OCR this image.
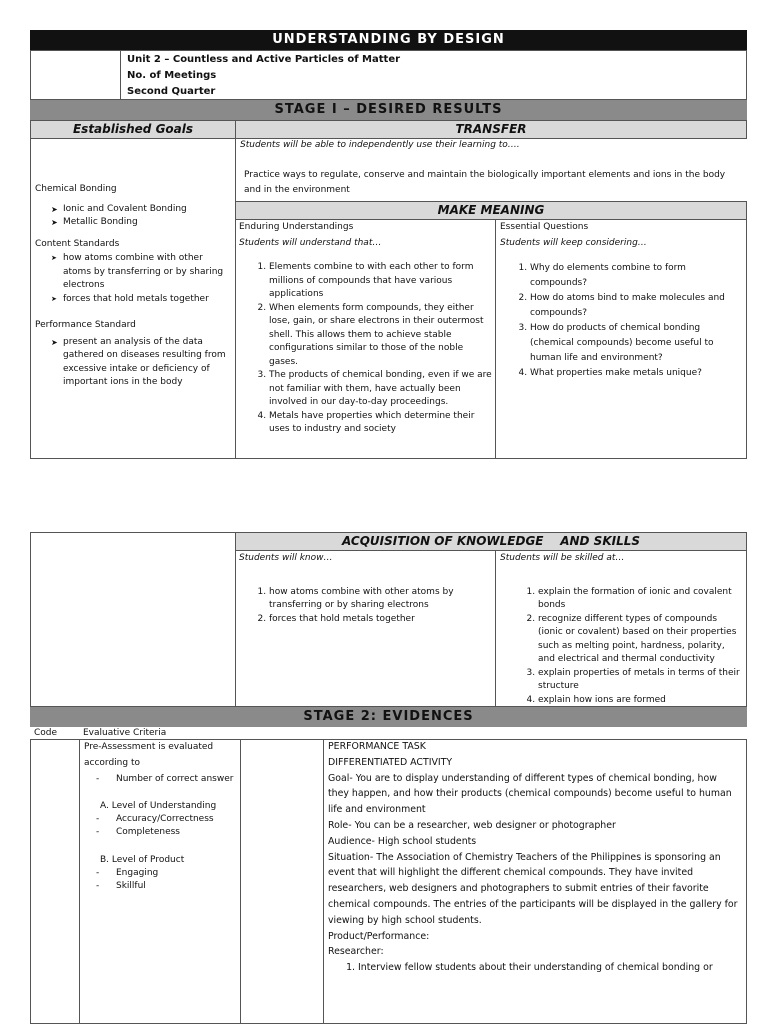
UNDERSTANDING BY DESIGN
Unit 2 – Countless and Active Particles of Matter
No. of Meetings
Second Quarter
STAGE I – DESIRED RESULTS
Established Goals	TRANSFER
Chemical Bonding
➤ Ionic and Covalent Bonding
➤ Metallic Bonding
Content Standards
➤ how atoms combine with other atoms by transferring or by sharing electrons
➤ forces that hold metals together
Performance Standard
➤ present an analysis of the data gathered on diseases resulting from excessive intake or deficiency of important ions in the body
Students will be able to independently use their learning to….
Practice ways to regulate, conserve and maintain the biologically important elements and ions in the body and in the environment
MAKE MEANING
Enduring Understandings
Students will understand that…
1. Elements combine to with each other to form millions of compounds that have various applications
2. When elements form compounds, they either lose, gain, or share electrons in their outermost shell. This allows them to achieve stable configurations similar to those of the noble gases.
3. The products of chemical bonding, even if we are not familiar with them, have actually been involved in our day-to-day proceedings.
4. Metals have properties which determine their uses to industry and society
Essential Questions
Students will keep considering…
1. Why do elements combine to form compounds?
2. How do atoms bind to make molecules and compounds?
3. How do products of chemical bonding (chemical compounds) become useful to human life and environment?
4. What properties make metals unique?
ACQUISITION OF KNOWLEDGE    AND SKILLS
Students will know…
1. how atoms combine with other atoms by transferring or by sharing electrons
2. forces that hold metals together
Students will be skilled at…
1. explain the formation of ionic and covalent bonds
2. recognize different types of compounds (ionic or covalent) based on their properties such as melting point, hardness, polarity, and electrical and thermal conductivity
3. explain properties of metals in terms of their structure
4. explain how ions are formed
STAGE 2: EVIDENCES
Code	Evaluative Criteria
Pre-Assessment is evaluated according to
- Number of correct answer
A. Level of Understanding
- Accuracy/Correctness
- Completeness
B. Level of Product
- Engaging
- Skillful
PERFORMANCE TASK
DIFFERENTIATED ACTIVITY
Goal- You are to display understanding of different types of chemical bonding, how they happen, and how their products (chemical compounds) become useful to human life and environment
Role- You can be a researcher, web designer or photographer
Audience- High school students
Situation- The Association of Chemistry Teachers of the Philippines is sponsoring an event that will highlight the different chemical compounds. They have invited researchers, web designers and photographers to submit entries of their favorite chemical compounds. The entries of the participants will be displayed in the gallery for viewing by high school students.
Product/Performance:
Researcher:
1. Interview fellow students about their understanding of chemical bonding or
